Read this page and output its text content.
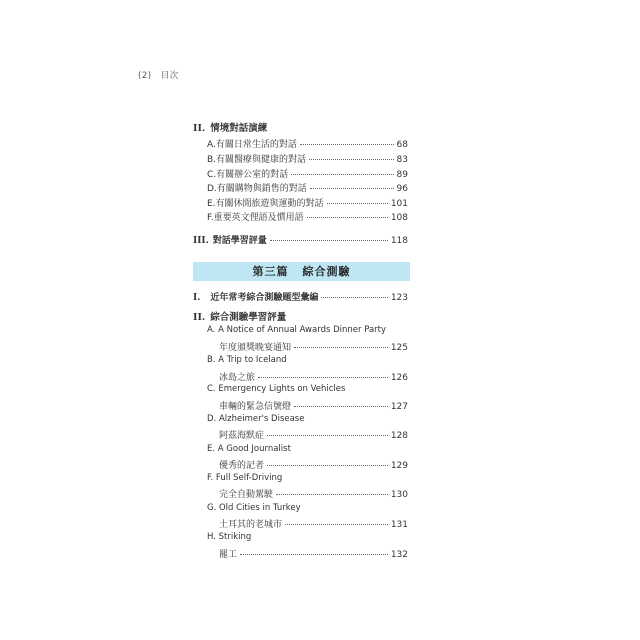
(2) 目次
II. 情境對話演練
A.有關日常生活的對話	68
B.有關醫療與健康的對話	83
C.有關辦公室的對話	89
D.有關購物與銷售的對話	96
E.有關休閒旅遊與運動的對話	101
F.重要英文俚語及慣用語	108
III. 對話學習評量	118
第三篇 綜合測驗
I. 近年常考綜合測驗題型彙編	123
II. 綜合測驗學習評量
A. A Notice of Annual Awards Dinner Party
年度頒獎晚宴通知	125
B. A Trip to Iceland
冰島之旅	126
C. Emergency Lights on Vehicles
車輛的緊急信號燈	127
D. Alzheimer's Disease
阿茲海默症	128
E. A Good Journalist
優秀的記者	129
F. Full Self-Driving
完全自動駕駛	130
G. Old Cities in Turkey
土耳其的老城市	131
H. Striking
罷工	132
